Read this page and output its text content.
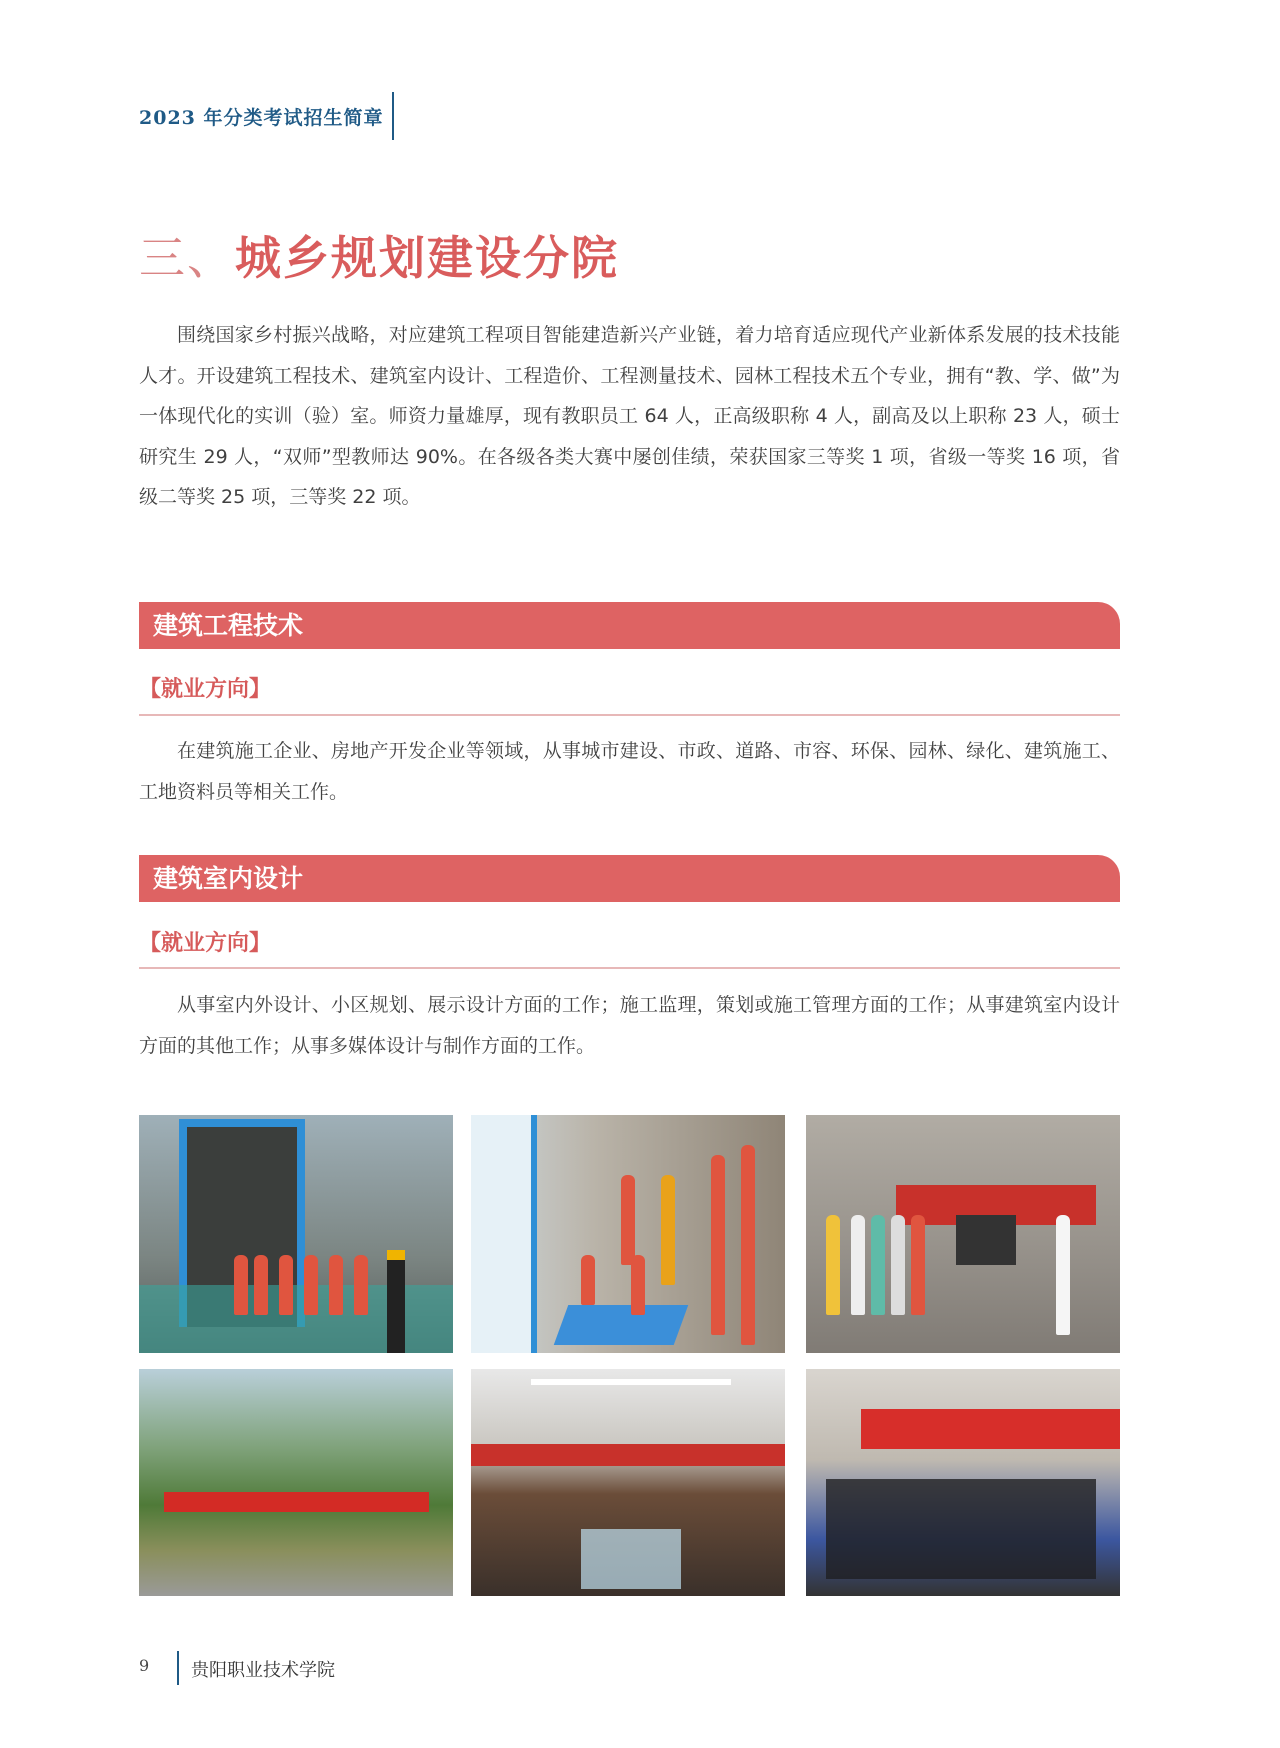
2023 年分类考试招生简章
三、城乡规划建设分院
围绕国家乡村振兴战略，对应建筑工程项目智能建造新兴产业链，着力培育适应现代产业新体系发展的技术技能人才。开设建筑工程技术、建筑室内设计、工程造价、工程测量技术、园林工程技术五个专业，拥有“教、学、做”为一体现代化的实训（验）室。师资力量雄厚，现有教职员工 64 人，正高级职称 4 人，副高及以上职称 23 人，硕士研究生 29 人，“双师”型教师达 90%。在各级各类大赛中屡创佳绩，荣获国家三等奖 1 项，省级一等奖 16 项，省级二等奖 25 项，三等奖 22 项。
建筑工程技术
【就业方向】
在建筑施工企业、房地产开发企业等领域，从事城市建设、市政、道路、市容、环保、园林、绿化、建筑施工、工地资料员等相关工作。
建筑室内设计
【就业方向】
从事室内外设计、小区规划、展示设计方面的工作；施工监理，策划或施工管理方面的工作；从事建筑室内设计方面的其他工作；从事多媒体设计与制作方面的工作。
9 贵阳职业技术学院
